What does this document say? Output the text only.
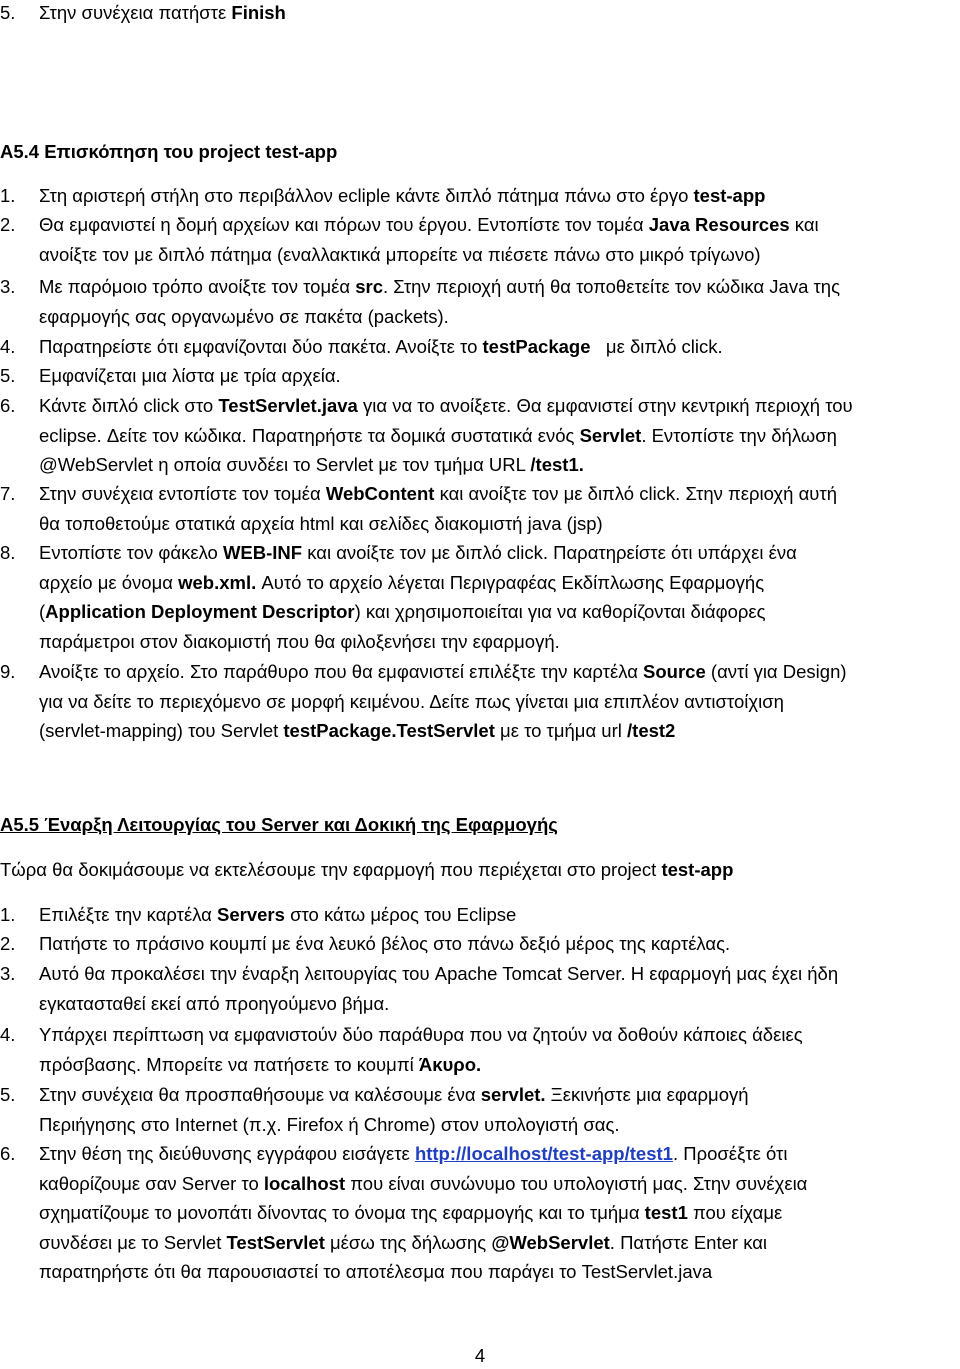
5.	Στην συνέχεια πατήστε Finish
A5.4 Επισκόπηση του project test-app
1.	Στη αριστερή στήλη στο περιβάλλον ecliple κάντε διπλό πάτημα πάνω στο έργο test-app
2.	Θα εμφανιστεί η δομή αρχείων και πόρων του έργου. Εντοπίστε τον τομέα Java Resources και
ανοίξτε τον με διπλό πάτημα (εναλλακτικά μπορείτε να πιέσετε πάνω στο μικρό τρίγωνο)
3.	Με παρόμοιο τρόπο ανοίξτε τον τομέα src. Στην περιοχή αυτή θα τοποθετείτε τον κώδικα Java της
εφαρμογής σας οργανωμένο σε πακέτα (packets).
4.	Παρατηρείστε ότι εμφανίζονται δύο πακέτα. Ανοίξτε το testPackage   με διπλό click.
5.	Εμφανίζεται μια λίστα με τρία αρχεία.
6.	Κάντε διπλό click στο TestServlet.java για να το ανοίξετε. Θα εμφανιστεί στην κεντρική περιοχή του
eclipse. Δείτε τον κώδικα. Παρατηρήστε τα δομικά συστατικά ενός Servlet. Εντοπίστε την δήλωση
@WebServlet η οποία συνδέει το Servlet με τον τμήμα URL /test1.
7.	Στην συνέχεια εντοπίστε τον τομέα WebContent και ανοίξτε τον με διπλό click. Στην περιοχή αυτή
θα τοποθετούμε στατικά αρχεία html και σελίδες διακομιστή java (jsp)
8.	Εντοπίστε τον φάκελο WEB-INF και ανοίξτε τον με διπλό click. Παρατηρείστε ότι υπάρχει ένα
αρχείο με όνομα web.xml. Αυτό το αρχείο λέγεται Περιγραφέας Εκδίπλωσης Εφαρμογής
(Application Deployment Descriptor) και χρησιμοποιείται για να καθορίζονται διάφορες
παράμετροι στον διακομιστή που θα φιλοξενήσει την εφαρμογή.
9.	Ανοίξτε το αρχείο. Στο παράθυρο που θα εμφανιστεί επιλέξτε την καρτέλα Source (αντί για Design)
για να δείτε το περιεχόμενο σε μορφή κειμένου. Δείτε πως γίνεται μια επιπλέον αντιστοίχιση
(servlet-mapping) του Servlet testPackage.TestServlet με το τμήμα url /test2
A5.5 Έναρξη Λειτουργίας του Server και Δοκική της Εφαρμογής
Τώρα θα δοκιμάσουμε να εκτελέσουμε την εφαρμογή που περιέχεται στο project test-app
1.	Επιλέξτε την καρτέλα Servers στο κάτω μέρος του Eclipse
2.	Πατήστε το πράσινο κουμπί με ένα λευκό βέλος στο πάνω δεξιό μέρος της καρτέλας.
3.	Αυτό θα προκαλέσει την έναρξη λειτουργίας του Apache Tomcat Server. Η εφαρμογή μας έχει ήδη
εγκατασταθεί εκεί από προηγούμενο βήμα.
4.	Υπάρχει περίπτωση να εμφανιστούν δύο παράθυρα που να ζητούν να δοθούν κάποιες άδειες
πρόσβασης. Μπορείτε να πατήσετε το κουμπί Άκυρο.
5.	Στην συνέχεια θα προσπαθήσουμε να καλέσουμε ένα servlet. Ξεκινήστε μια εφαρμογή
Περιήγησης στο Internet (π.χ. Firefox ή Chrome) στον υπολογιστή σας.
6.	Στην θέση της διεύθυνσης εγγράφου εισάγετε http://localhost/test-app/test1. Προσέξτε ότι
καθορίζουμε σαν Server το localhost που είναι συνώνυμο του υπολογιστή μας. Στην συνέχεια
σχηματίζουμε το μονοπάτι δίνοντας το όνομα της εφαρμογής και το τμήμα test1 που είχαμε
συνδέσει με το Servlet TestServlet μέσω της δήλωσης @WebServlet. Πατήστε Enter και
παρατηρήστε ότι θα παρουσιαστεί το αποτέλεσμα που παράγει το TestServlet.java
4
